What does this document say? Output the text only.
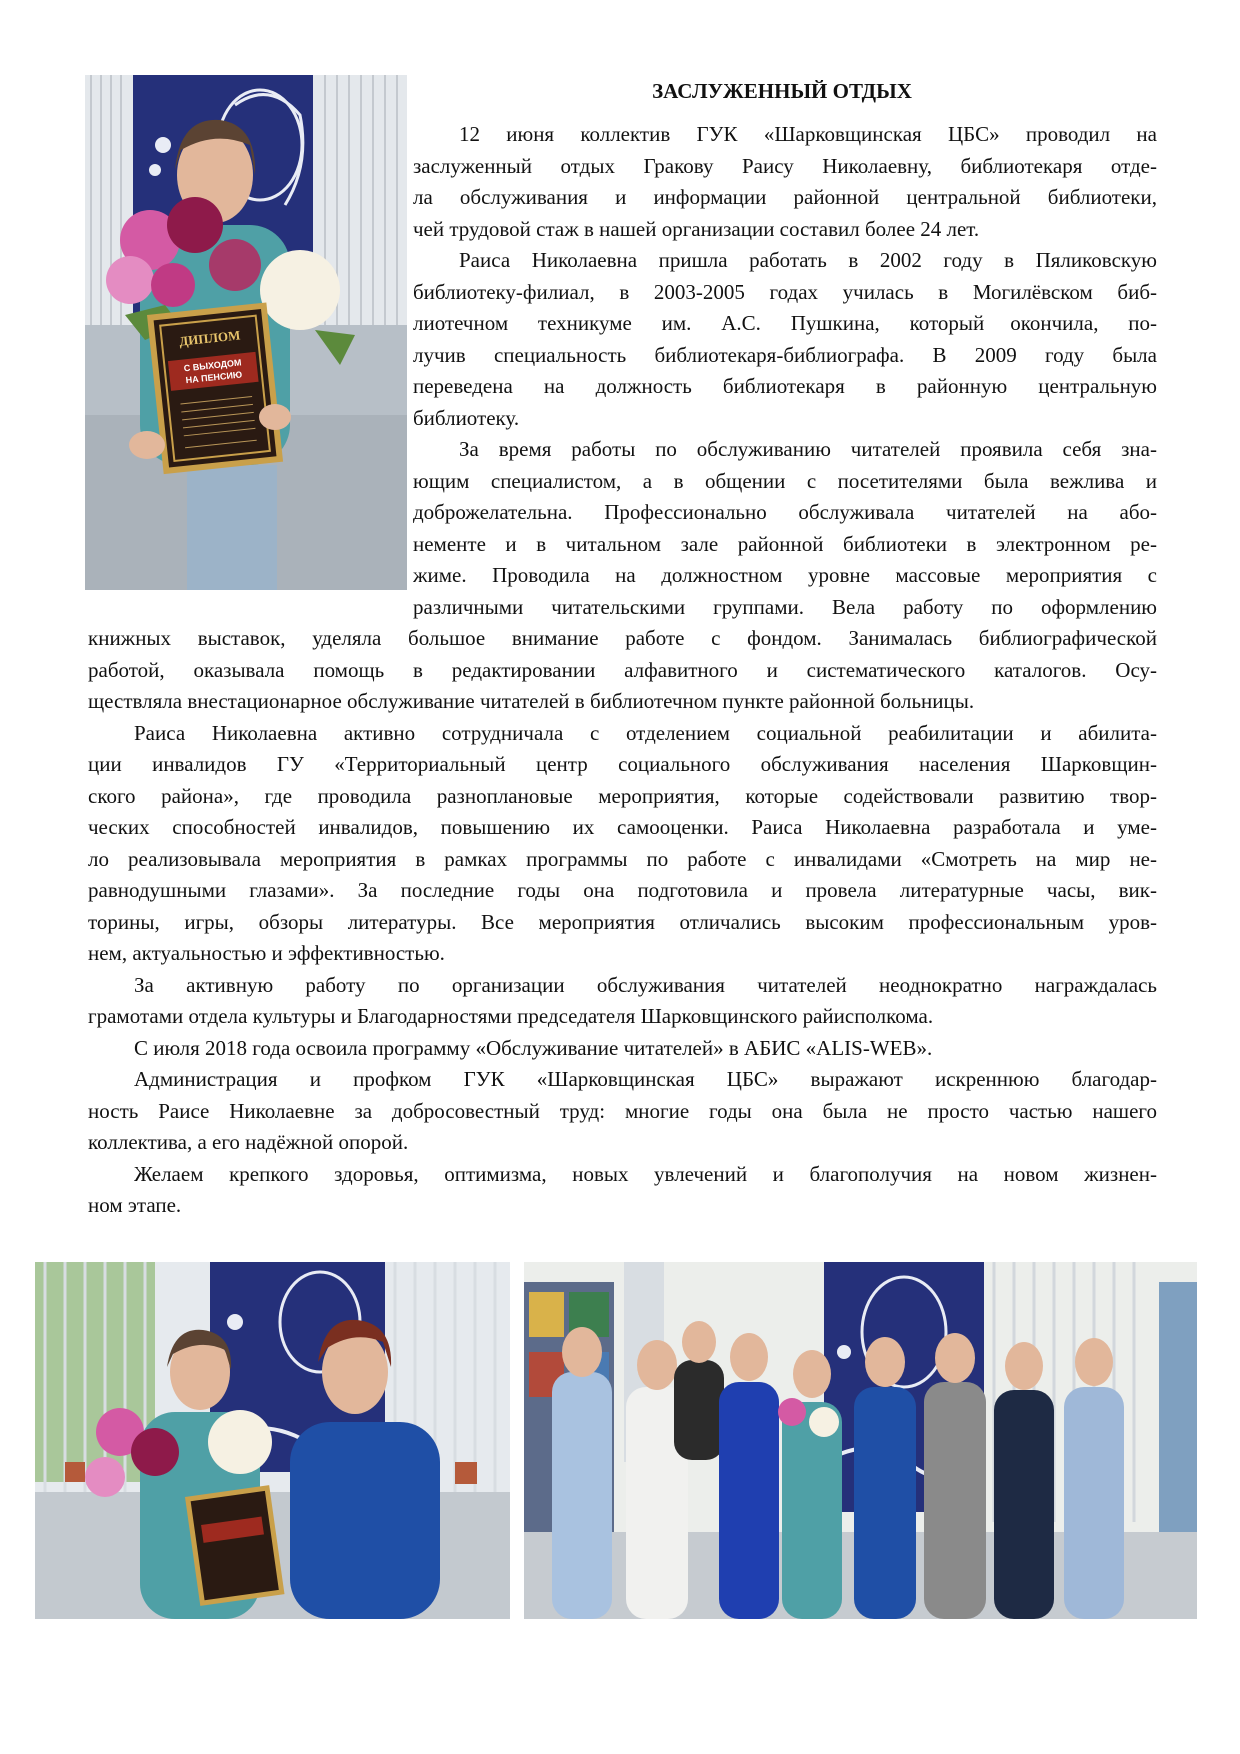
ДИПЛОМ
С ВЫХОДОМ
НА ПЕНСИЮ
ЗАСЛУЖЕННЫЙ ОТДЫХ

12 июня коллектив ГУК «Шарковщинская ЦБС» проводил на
заслуженный отдых Гракову Раису Николаевну, библиотекаря отде-
ла обслуживания и информации районной центральной библиотеки,
чей трудовой стаж в нашей организации составил более 24 лет.

Раиса Николаевна пришла работать в 2002 году в Пяликовскую
библиотеку-филиал, в 2003-2005 годах училась в Могилёвском биб-
лиотечном техникуме им. А.С. Пушкина, который окончила, по-
лучив специальность библиотекаря-библиографа. В 2009 году была
переведена на должность библиотекаря в районную центральную
библиотеку.

За время работы по обслуживанию читателей проявила себя зна-
ющим специалистом, а в общении с посетителями была вежлива и
доброжелательна. Профессионально обслуживала читателей на або-
нементе и в читальном зале районной библиотеки в электронном ре-
жиме. Проводила на должностном уровне массовые мероприятия с
различными читательскими группами. Вела работу по оформлению

книжных выставок, уделяла большое внимание работе с фондом. Занималась библиографической
работой, оказывала помощь в редактировании алфавитного и систематического каталогов. Осу-
ществляла внестационарное обслуживание читателей в библиотечном пункте районной больницы.

Раиса Николаевна активно сотрудничала с отделением социальной реабилитации и абилита-
ции инвалидов ГУ «Территориальный центр социального обслуживания населения Шарковщин-
ского района», где проводила разноплановые мероприятия, которые содействовали развитию твор-
ческих способностей инвалидов, повышению их самооценки. Раиса Николаевна разработала и уме-
ло реализовывала мероприятия в рамках программы по работе с инвалидами «Смотреть на мир не-
равнодушными глазами». За последние годы она подготовила и провела литературные часы, вик-
торины, игры, обзоры литературы. Все мероприятия отличались высоким профессиональным уров-
нем, актуальностью и эффективностью.

За активную работу по организации обслуживания читателей неоднократно награждалась
грамотами отдела культуры и Благодарностями председателя Шарковщинского райисполкома.

С июля 2018 года освоила программу «Обслуживание читателей» в АБИС «ALIS-WEB».

Администрация и профком ГУК «Шарковщинская ЦБС» выражают искреннюю благодар-
ность Раисе Николаевне за добросовестный труд: многие годы она была не просто частью нашего
коллектива, а его надёжной опорой.

Желаем крепкого здоровья, оптимизма, новых увлечений и благополучия на новом жизнен-
ном этапе.
